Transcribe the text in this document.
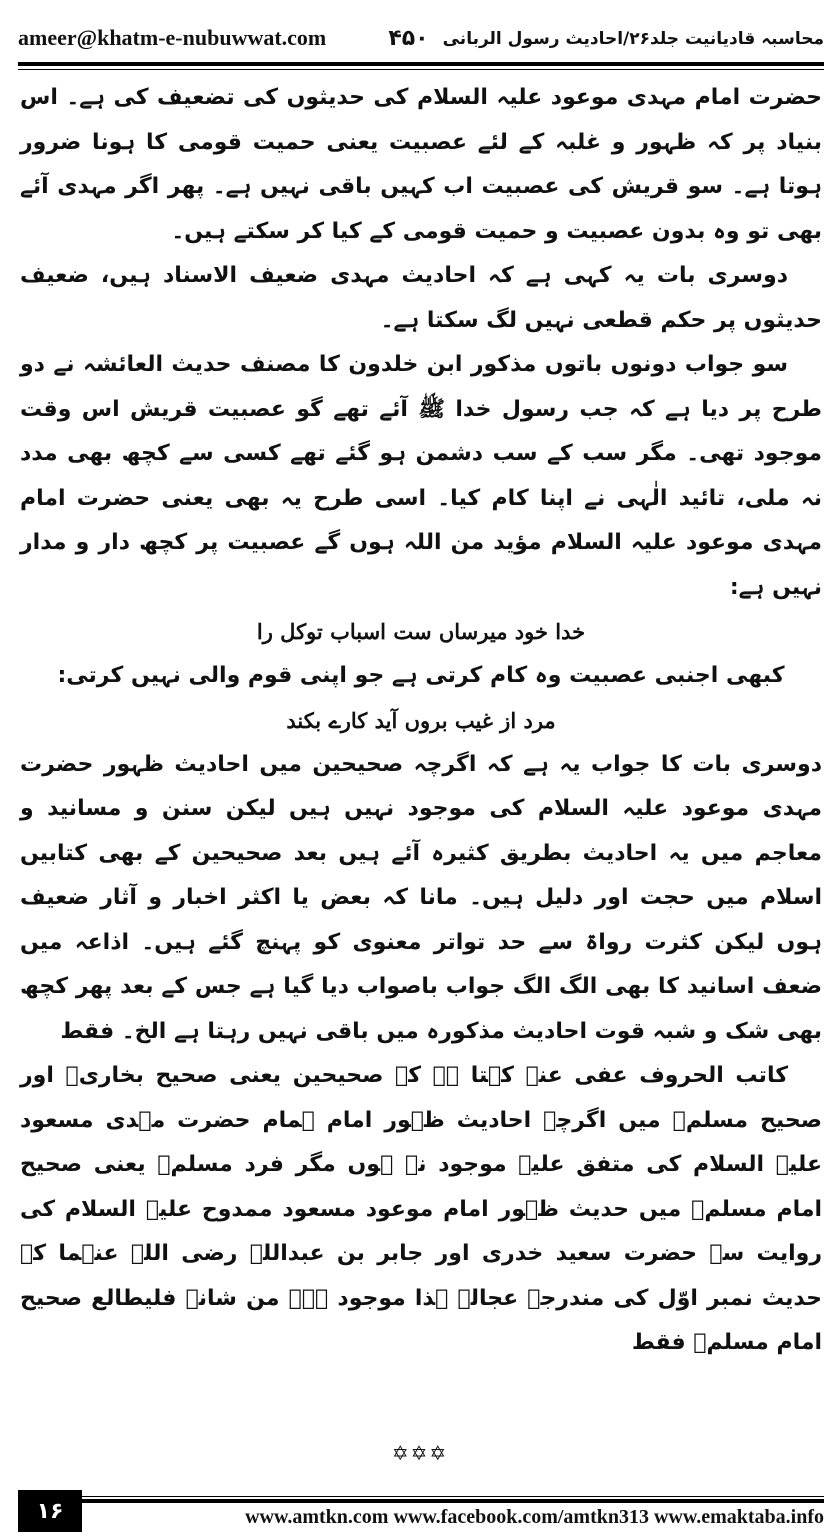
ameer@khatm-e-nubuwwat.com	محاسبہ قادیانیت جلد۲۶/احادیث رسول الربانی
۴۵۰

حضرت امام مہدی موعود علیہ السلام کی حدیثوں کی تضعیف کی ہے۔ اس بنیاد پر کہ ظہور و غلبہ کے لئے عصبیت یعنی حمیت قومی کا ہونا ضرور ہوتا ہے۔ سو قریش کی عصبیت اب کہیں باقی نہیں ہے۔ پھر اگر مہدی آئے بھی تو وہ بدون عصبیت و حمیت قومی کے کیا کر سکتے ہیں۔

دوسری بات یہ کہی ہے کہ احادیث مہدی ضعیف الاسناد ہیں، ضعیف حدیثوں پر حکم قطعی نہیں لگ سکتا ہے۔

سو جواب دونوں باتوں مذکور ابن خلدون کا مصنف حدیث العائشہ نے دو طرح پر دیا ہے کہ جب رسول خدا ﷺ آئے تھے گو عصبیت قریش اس وقت موجود تھی۔ مگر سب کے سب دشمن ہو گئے تھے کسی سے کچھ بھی مدد نہ ملی، تائید الٰہی نے اپنا کام کیا۔ اسی طرح یہ بھی یعنی حضرت امام مہدی موعود علیہ السلام مؤید من اللہ ہوں گے عصبیت پر کچھ دار و مدار نہیں ہے:

خدا خود میرساں ست اسباب توکل را

کبھی اجنبی عصبیت وہ کام کرتی ہے جو اپنی قوم والی نہیں کرتی:

مرد از غیب بروں آید کارے بکند

دوسری بات کا جواب یہ ہے کہ اگرچہ صحیحین میں احادیث ظہور حضرت مہدی موعود علیہ السلام کی موجود نہیں ہیں لیکن سنن و مسانید و معاجم میں یہ احادیث بطریق کثیرہ آئے ہیں بعد صحیحین کے بھی کتابیں اسلام میں حجت اور دلیل ہیں۔ مانا کہ بعض یا اکثر اخبار و آثار ضعیف ہوں لیکن کثرت رواۃ سے حد تواتر معنوی کو پہنچ گئے ہیں۔ اذاعہ میں ضعف اسانید کا بھی الگ الگ جواب باصواب دیا گیا ہے جس کے بعد پھر کچھ بھی شک و شبہ قوت احادیث مذکورہ میں باقی نہیں رہتا ہے الخ۔ فقط

کاتب الحروف عفی عنہ کہتا ہے کہ صحیحین یعنی صحیح بخاریؒ اور صحیح مسلمؒ میں اگرچہ احادیث ظہور امام ہمام حضرت مہدی مسعود علیہ السلام کی متفق علیہ موجود نہ ہوں مگر فرد مسلمؒ یعنی صحیح امام مسلمؒ میں حدیث ظہور امام موعود مسعود ممدوح علیہ السلام کی روایت سے حضرت سعید خدری اور جابر بن عبداللہ رضی اللہ عنہما کے حدیث نمبر اوّل کی مندرجہ عجالہ ہذا موجود ہے۔ من شانہ فلیطالع صحیح امام مسلمؒ فقط

✡✡✡
۱۶	www.amtkn.com www.facebook.com/amtkn313 www.emaktaba.info
